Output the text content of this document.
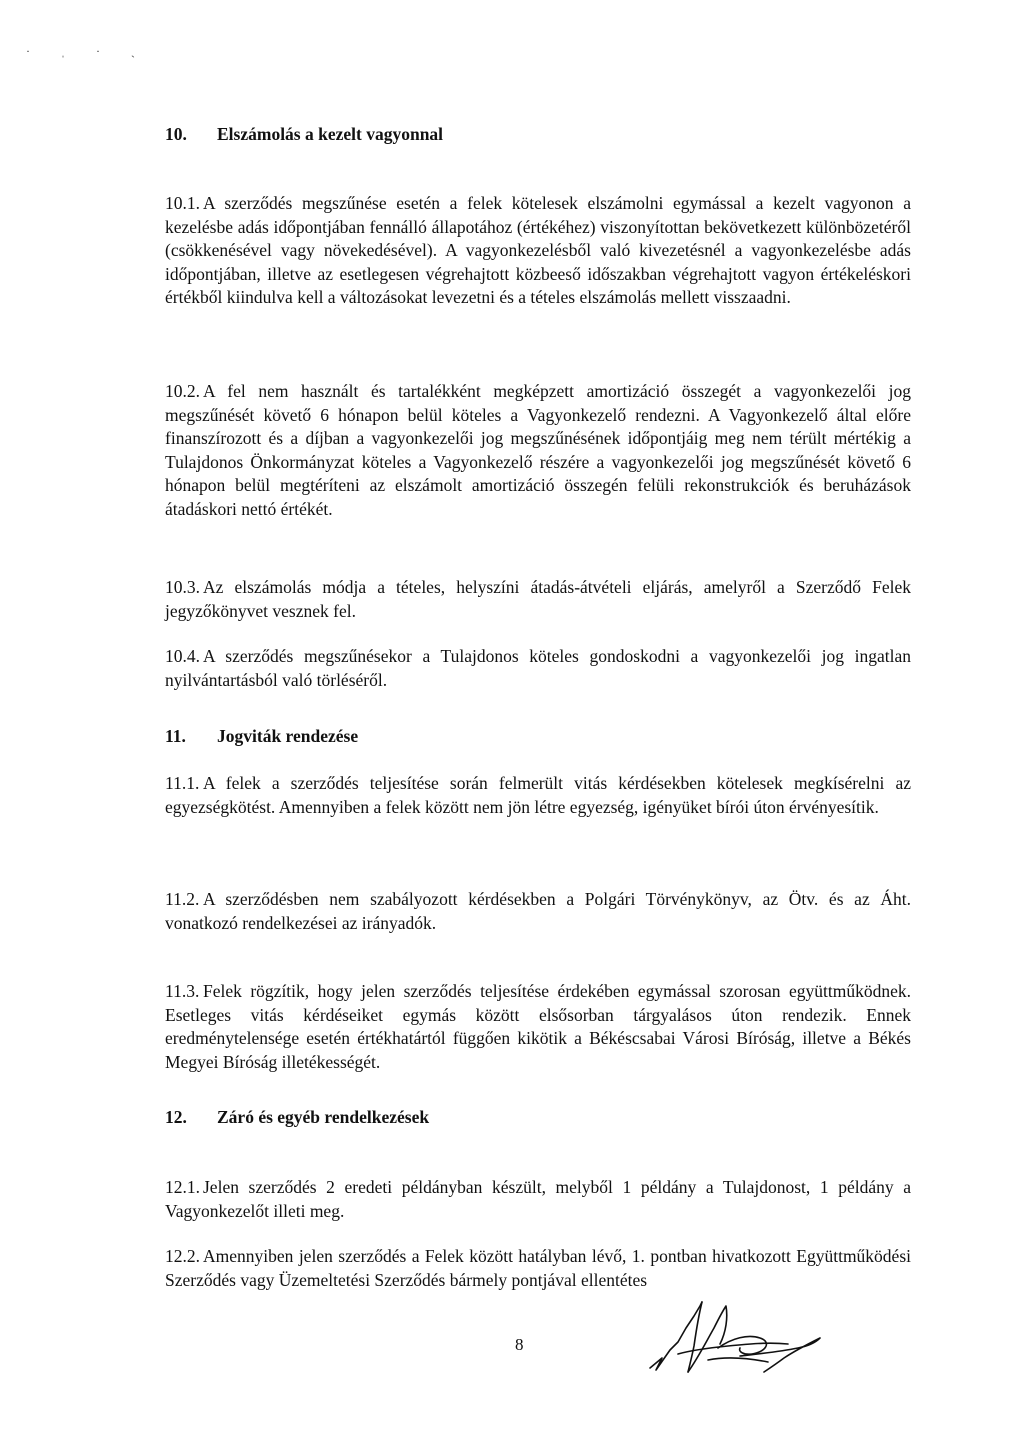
· ˌ · ˏ
10. Elszámolás a kezelt vagyonnal
10.1. A szerződés megszűnése esetén a felek kötelesek elszámolni egymással a kezelt vagyonon a kezelésbe adás időpontjában fennálló állapotához (értékéhez) viszonyítottan bekövetkezett különbözetéről (csökkenésével vagy növekedésével). A vagyonkezelésből való kivezetésnél a vagyonkezelésbe adás időpontjában, illetve az esetlegesen végrehajtott közbeeső időszakban végrehajtott vagyon értékeléskori értékből kiindulva kell a változásokat levezetni és a tételes elszámolás mellett visszaadni.
10.2. A fel nem használt és tartalékként megképzett amortizáció összegét a vagyonkezelői jog megszűnését követő 6 hónapon belül köteles a Vagyonkezelő rendezni. A Vagyonkezelő által előre finanszírozott és a díjban a vagyonkezelői jog megszűnésének időpontjáig meg nem térült mértékig a Tulajdonos Önkormányzat köteles a Vagyonkezelő részére a vagyonkezelői jog megszűnését követő 6 hónapon belül megtéríteni az elszámolt amortizáció összegén felüli rekonstrukciók és beruházások átadáskori nettó értékét.
10.3. Az elszámolás módja a tételes, helyszíni átadás-átvételi eljárás, amelyről a Szerződő Felek jegyzőkönyvet vesznek fel.
10.4. A szerződés megszűnésekor a Tulajdonos köteles gondoskodni a vagyonkezelői jog ingatlan nyilvántartásból való törléséről.
11. Jogviták rendezése
11.1. A felek a szerződés teljesítése során felmerült vitás kérdésekben kötelesek megkísérelni az egyezségkötést. Amennyiben a felek között nem jön létre egyezség, igényüket bírói úton érvényesítik.
11.2. A szerződésben nem szabályozott kérdésekben a Polgári Törvénykönyv, az Ötv. és az Áht. vonatkozó rendelkezései az irányadók.
11.3. Felek rögzítik, hogy jelen szerződés teljesítése érdekében egymással szorosan együttműködnek. Esetleges vitás kérdéseiket egymás között elsősorban tárgyalásos úton rendezik. Ennek eredménytelensége esetén értékhatártól függően kikötik a Békéscsabai Városi Bíróság, illetve a Békés Megyei Bíróság illetékességét.
12. Záró és egyéb rendelkezések
12.1. Jelen szerződés 2 eredeti példányban készült, melyből 1 példány a Tulajdonost, 1 példány a Vagyonkezelőt illeti meg.
12.2. Amennyiben jelen szerződés a Felek között hatályban lévő, 1. pontban hivatkozott Együttműködési Szerződés vagy Üzemeltetési Szerződés bármely pontjával ellentétes
8
